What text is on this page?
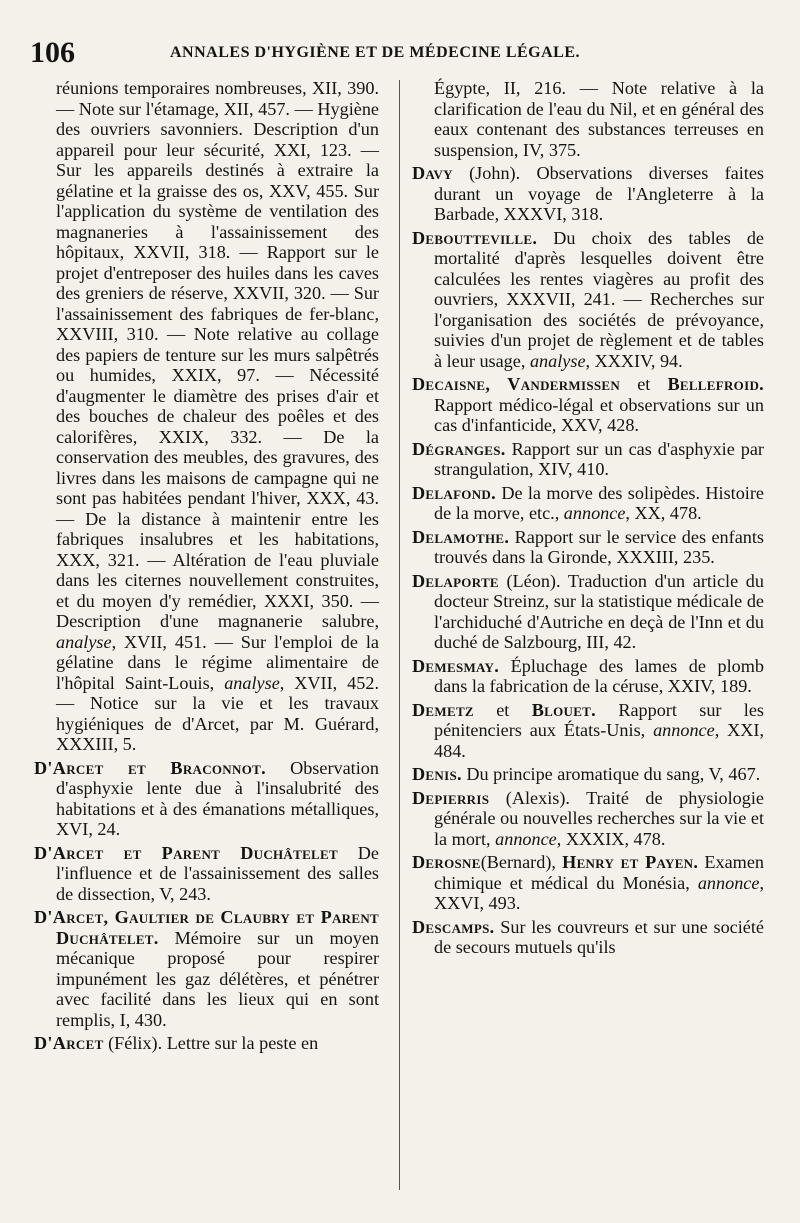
106	ANNALES D'HYGIÈNE ET DE MÉDECINE LÉGALE.
réunions temporaires nombreuses, XII, 390. — Note sur l'étamage, XII, 457. — Hygiène des ouvriers savonniers. Description d'un appareil pour leur sécurité, XXI, 123. — Sur les appareils destinés à extraire la gélatine et la graisse des os, XXV, 455. Sur l'application du système de ventilation des magnaneries à l'assainissement des hôpitaux, XXVII, 318. — Rapport sur le projet d'entreposer des huiles dans les caves des greniers de réserve, XXVII, 320. — Sur l'assainissement des fabriques de fer-blanc, XXVIII, 310. — Note relative au collage des papiers de tenture sur les murs salpêtrés ou humides, XXIX, 97. — Nécessité d'augmenter le diamètre des prises d'air et des bouches de chaleur des poêles et des calorifères, XXIX, 332. — De la conservation des meubles, des gravures, des livres dans les maisons de campagne qui ne sont pas habitées pendant l'hiver, XXX, 43. — De la distance à maintenir entre les fabriques insalubres et les habitations, XXX, 321. — Altération de l'eau pluviale dans les citernes nouvellement construites, et du moyen d'y remédier, XXXI, 350. — Description d'une magnanerie salubre, analyse, XVII, 451. — Sur l'emploi de la gélatine dans le régime alimentaire de l'hôpital Saint-Louis, analyse, XVII, 452. — Notice sur la vie et les travaux hygiéniques de d'Arcet, par M. Guérard, XXXIII, 5.
D'Arcet et Braconnot. Observation d'asphyxie lente due à l'insalubrité des habitations et à des émanations métalliques, XVI, 24.
D'Arcet et Parent Duchâtelet De l'influence et de l'assainissement des salles de dissection, V, 243.
D'Arcet, Gaultier de Claubry et Parent Duchâtelet. Mémoire sur un moyen mécanique proposé pour respirer impunément les gaz délétères, et pénétrer avec facilité dans les lieux qui en sont remplis, I, 430.
D'Arcet (Félix). Lettre sur la peste en
Égypte, II, 216. — Note relative à la clarification de l'eau du Nil, et en général des eaux contenant des substances terreuses en suspension, IV, 375.
Davy (John). Observations diverses faites durant un voyage de l'Angleterre à la Barbade, XXXVI, 318.
Deboutteville. Du choix des tables de mortalité d'après lesquelles doivent être calculées les rentes viagères au profit des ouvriers, XXXVII, 241. — Recherches sur l'organisation des sociétés de prévoyance, suivies d'un projet de règlement et de tables à leur usage, analyse, XXXIV, 94.
Decaisne, Vandermissen et Bellefroid. Rapport médico-légal et observations sur un cas d'infanticide, XXV, 428.
Dégranges. Rapport sur un cas d'asphyxie par strangulation, XIV, 410.
Delafond. De la morve des solipèdes. Histoire de la morve, etc., annonce, XX, 478.
Delamothe. Rapport sur le service des enfants trouvés dans la Gironde, XXXIII, 235.
Delaporte (Léon). Traduction d'un article du docteur Streinz, sur la statistique médicale de l'archiduché d'Autriche en deçà de l'Inn et du duché de Salzbourg, III, 42.
Demesmay. Épluchage des lames de plomb dans la fabrication de la céruse, XXIV, 189.
Demetz et Blouet. Rapport sur les pénitenciers aux États-Unis, annonce, XXI, 484.
Denis. Du principe aromatique du sang, V, 467.
Depierris (Alexis). Traité de physiologie générale ou nouvelles recherches sur la vie et la mort, annonce, XXXIX, 478.
Derosne(Bernard), Henry et Payen. Examen chimique et médical du Monésia, annonce, XXVI, 493.
Descamps. Sur les couvreurs et sur une société de secours mutuels qu'ils
